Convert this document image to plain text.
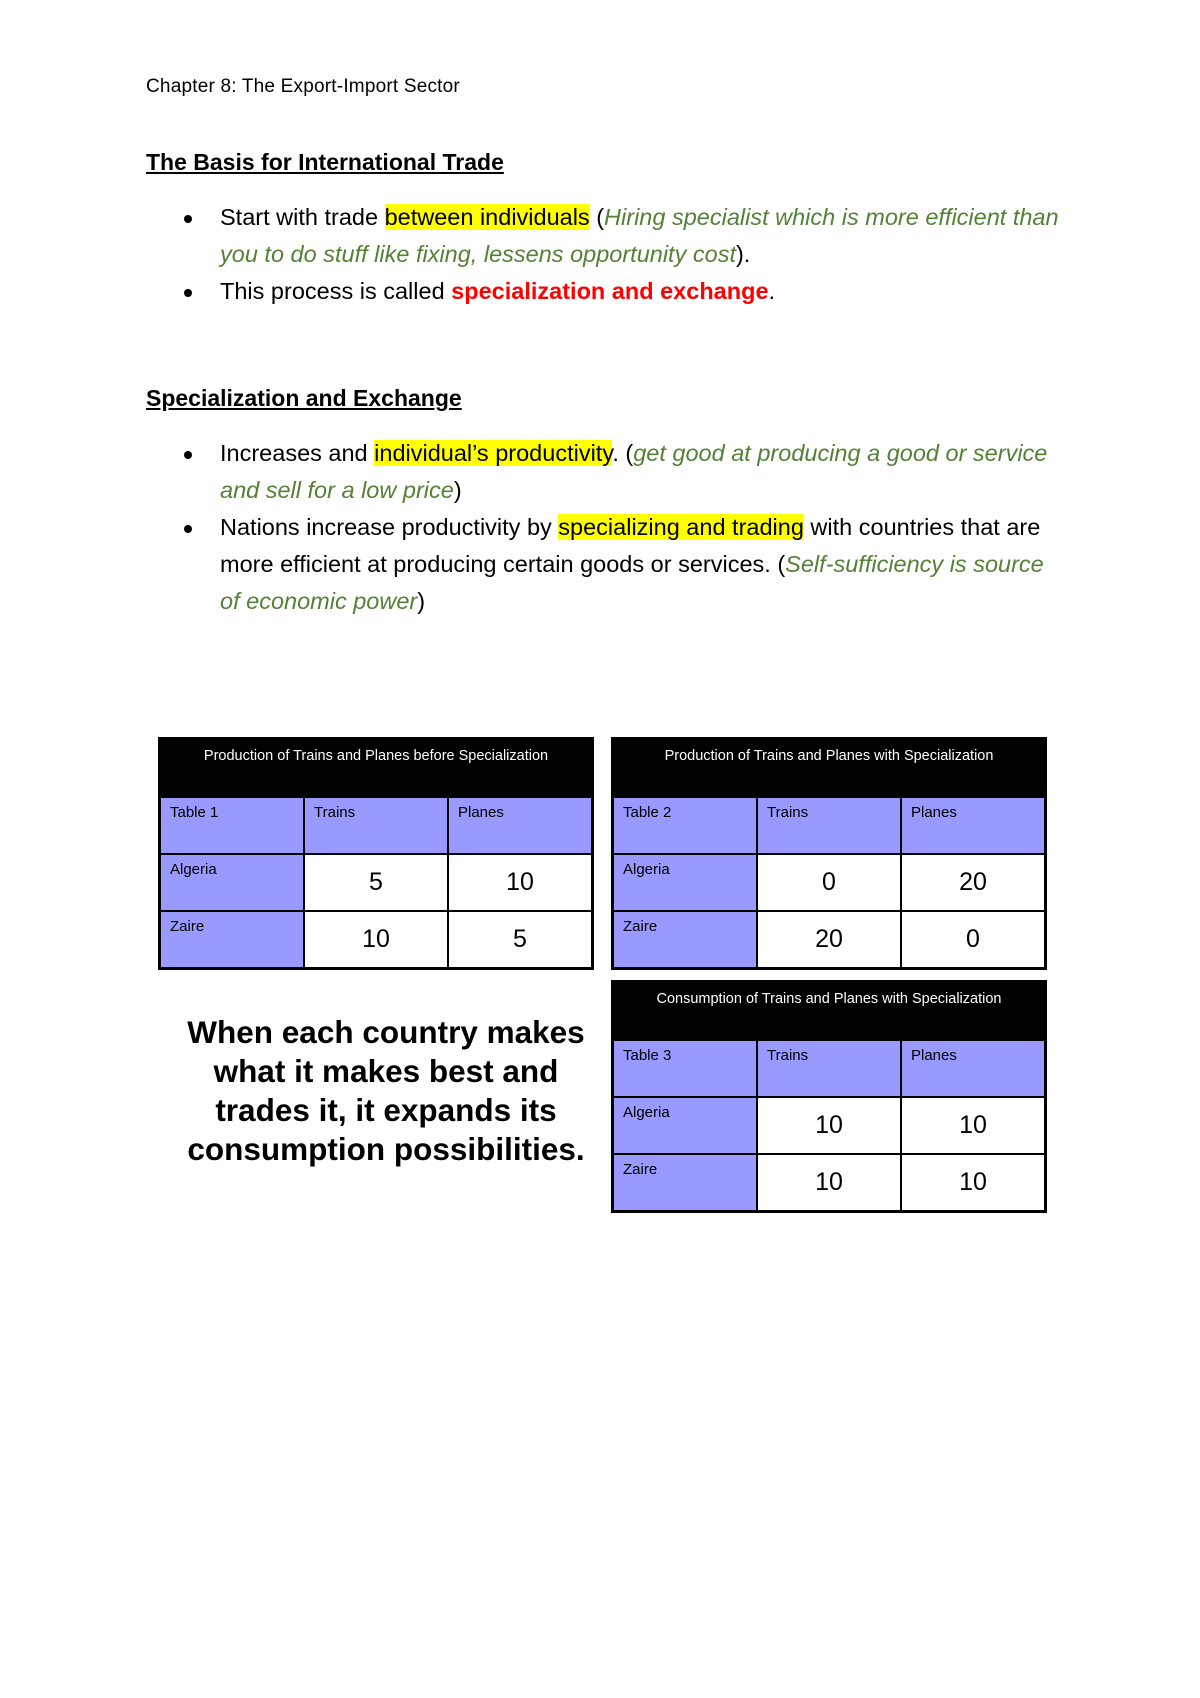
Chapter 8: The Export-Import Sector
The Basis for International Trade
Start with trade between individuals (Hiring specialist which is more efficient than you to do stuff like fixing, lessens opportunity cost).
This process is called specialization and exchange.
Specialization and Exchange
Increases and individual’s productivity. (get good at producing a good or service and sell for a low price)
Nations increase productivity by specializing and trading with countries that are more efficient at producing certain goods or services. (Self-sufficiency is source of economic power)
Production of Trains and Planes before Specialization
Table 1	Trains	Planes
Algeria	5	10
Zaire	10	5
Production of Trains and Planes with Specialization
Table 2	Trains	Planes
Algeria	0	20
Zaire	20	0
Consumption of Trains and Planes with Specialization
Table 3	Trains	Planes
Algeria	10	10
Zaire	10	10
When each country makes what it makes best and trades it, it expands its consumption possibilities.
